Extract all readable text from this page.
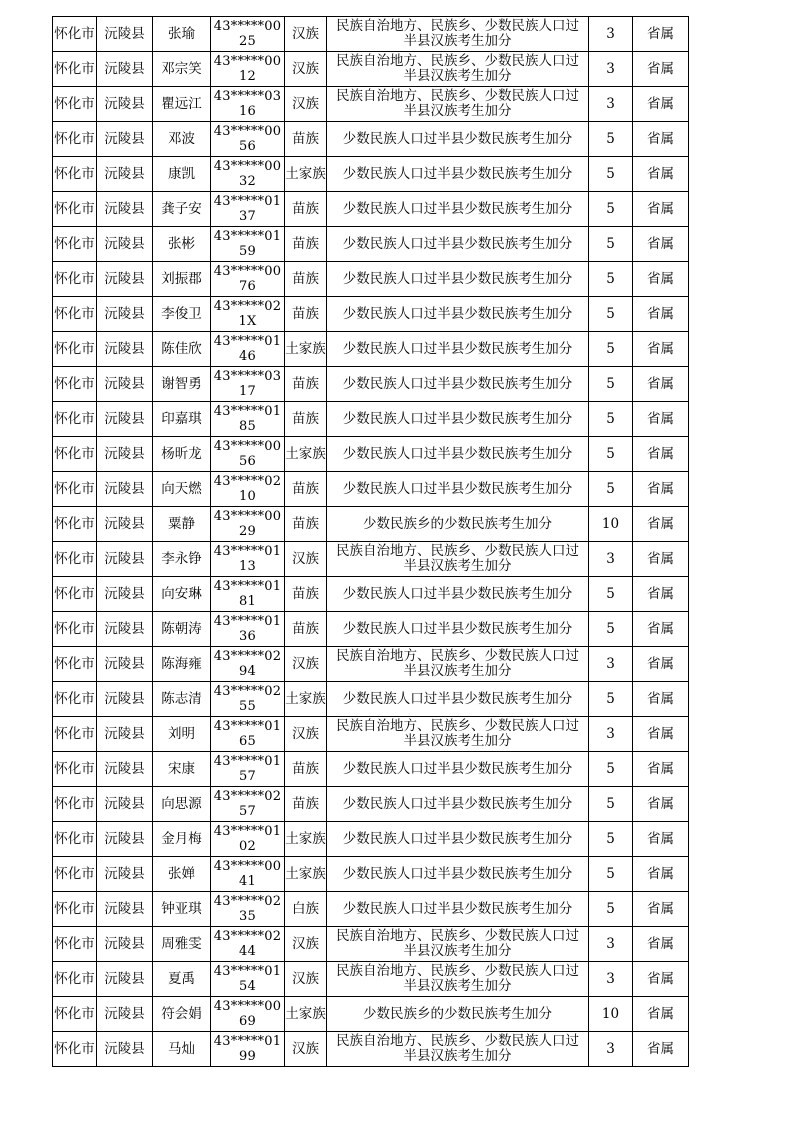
怀化市	沅陵县	张瑜	43*****0025	汉族	民族自治地方、民族乡、少数民族人口过半县汉族考生加分	3	省属
怀化市	沅陵县	邓宗笑	43*****0012	汉族	民族自治地方、民族乡、少数民族人口过半县汉族考生加分	3	省属
怀化市	沅陵县	瞿远江	43*****0316	汉族	民族自治地方、民族乡、少数民族人口过半县汉族考生加分	3	省属
怀化市	沅陵县	邓波	43*****0056	苗族	少数民族人口过半县少数民族考生加分	5	省属
怀化市	沅陵县	康凯	43*****0032	土家族	少数民族人口过半县少数民族考生加分	5	省属
怀化市	沅陵县	龚子安	43*****0137	苗族	少数民族人口过半县少数民族考生加分	5	省属
怀化市	沅陵县	张彬	43*****0159	苗族	少数民族人口过半县少数民族考生加分	5	省属
怀化市	沅陵县	刘振郡	43*****0076	苗族	少数民族人口过半县少数民族考生加分	5	省属
怀化市	沅陵县	李俊卫	43*****021X	苗族	少数民族人口过半县少数民族考生加分	5	省属
怀化市	沅陵县	陈佳欣	43*****0146	土家族	少数民族人口过半县少数民族考生加分	5	省属
怀化市	沅陵县	谢智勇	43*****0317	苗族	少数民族人口过半县少数民族考生加分	5	省属
怀化市	沅陵县	印嘉琪	43*****0185	苗族	少数民族人口过半县少数民族考生加分	5	省属
怀化市	沅陵县	杨昕龙	43*****0056	土家族	少数民族人口过半县少数民族考生加分	5	省属
怀化市	沅陵县	向天燃	43*****0210	苗族	少数民族人口过半县少数民族考生加分	5	省属
怀化市	沅陵县	粟静	43*****0029	苗族	少数民族乡的少数民族考生加分	10	省属
怀化市	沅陵县	李永铮	43*****0113	汉族	民族自治地方、民族乡、少数民族人口过半县汉族考生加分	3	省属
怀化市	沅陵县	向安琳	43*****0181	苗族	少数民族人口过半县少数民族考生加分	5	省属
怀化市	沅陵县	陈朝涛	43*****0136	苗族	少数民族人口过半县少数民族考生加分	5	省属
怀化市	沅陵县	陈海雍	43*****0294	汉族	民族自治地方、民族乡、少数民族人口过半县汉族考生加分	3	省属
怀化市	沅陵县	陈志清	43*****0255	土家族	少数民族人口过半县少数民族考生加分	5	省属
怀化市	沅陵县	刘明	43*****0165	汉族	民族自治地方、民族乡、少数民族人口过半县汉族考生加分	3	省属
怀化市	沅陵县	宋康	43*****0157	苗族	少数民族人口过半县少数民族考生加分	5	省属
怀化市	沅陵县	向思源	43*****0257	苗族	少数民族人口过半县少数民族考生加分	5	省属
怀化市	沅陵县	金月梅	43*****0102	土家族	少数民族人口过半县少数民族考生加分	5	省属
怀化市	沅陵县	张婵	43*****0041	土家族	少数民族人口过半县少数民族考生加分	5	省属
怀化市	沅陵县	钟亚琪	43*****0235	白族	少数民族人口过半县少数民族考生加分	5	省属
怀化市	沅陵县	周雅雯	43*****0244	汉族	民族自治地方、民族乡、少数民族人口过半县汉族考生加分	3	省属
怀化市	沅陵县	夏禹	43*****0154	汉族	民族自治地方、民族乡、少数民族人口过半县汉族考生加分	3	省属
怀化市	沅陵县	符会娟	43*****0069	土家族	少数民族乡的少数民族考生加分	10	省属
怀化市	沅陵县	马灿	43*****0199	汉族	民族自治地方、民族乡、少数民族人口过半县汉族考生加分	3	省属
